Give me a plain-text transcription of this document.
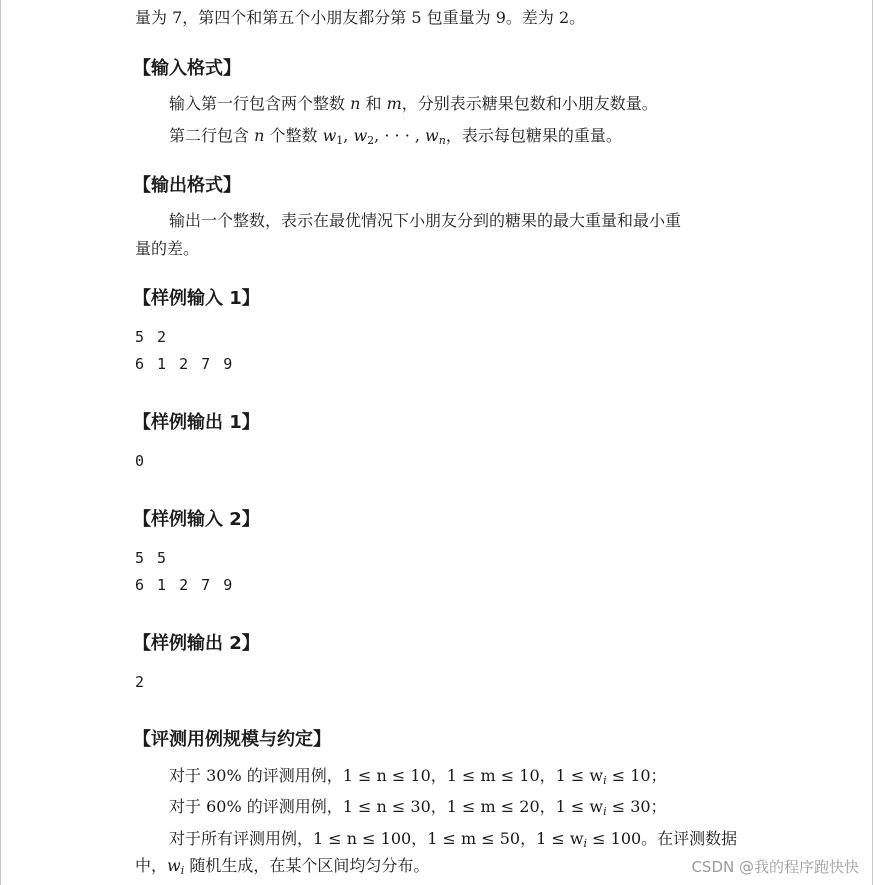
量为 7，第四个和第五个小朋友都分第 5 包重量为 9。差为 2。
【输入格式】
输入第一行包含两个整数 n 和 m，分别表示糖果包数和小朋友数量。
第二行包含 n 个整数 $w_1$, $w_2$, · · · , $w_n$，表示每包糖果的重量。
【输出格式】
输出一个整数，表示在最优情况下小朋友分到的糖果的最大重量和最小重
量的差。
【样例输入 1】
5 2
6 1 2 7 9
【样例输出 1】
0
【样例输入 2】
5 5
6 1 2 7 9
【样例输出 2】
2
【评测用例规模与约定】
对于 30% 的评测用例，1 ≤ n ≤ 10，1 ≤ m ≤ 10，$1 \le w_i \le 10$；
对于 60% 的评测用例，1 ≤ n ≤ 30，1 ≤ m ≤ 20，$1 \le w_i \le 30$；
对于所有评测用例，1 ≤ n ≤ 100，1 ≤ m ≤ 50，$1 \le w_i \le 100$。在评测数据
中，$w_i$ 随机生成，在某个区间均匀分布。	CSDN @我的程序跑快快
